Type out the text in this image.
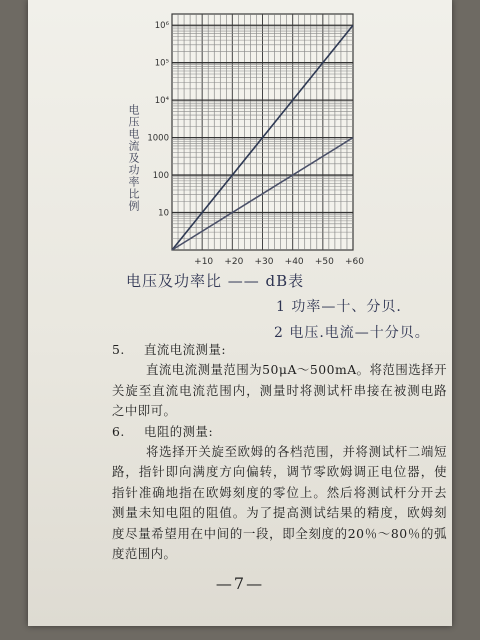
+10 +20 +30 +40 +50 +60
10
100
1000
10⁴
10⁵
10⁶
电压电流及功率比例
电压及功率比 —— dB表
1 功率—十、分贝.
2 电压.电流—十分贝。

5. 直流电流测量:

直流电流测量范围为50μA～500mA。将范围选择开关旋至直流电流范围内，测量时将测试杆串接在被测电路之中即可。

6. 电阻的测量:

将选择开关旋至欧姆的各档范围，并将测试杆二端短路，指针即向满度方向偏转，调节零欧姆调正电位器，使指针准确地指在欧姆刻度的零位上。然后将测试杆分开去测量未知电阻的阻值。为了提高测试结果的精度，欧姆刻度尽量希望用在中间的一段，即全刻度的20％～80％的弧度范围内。

—7—
